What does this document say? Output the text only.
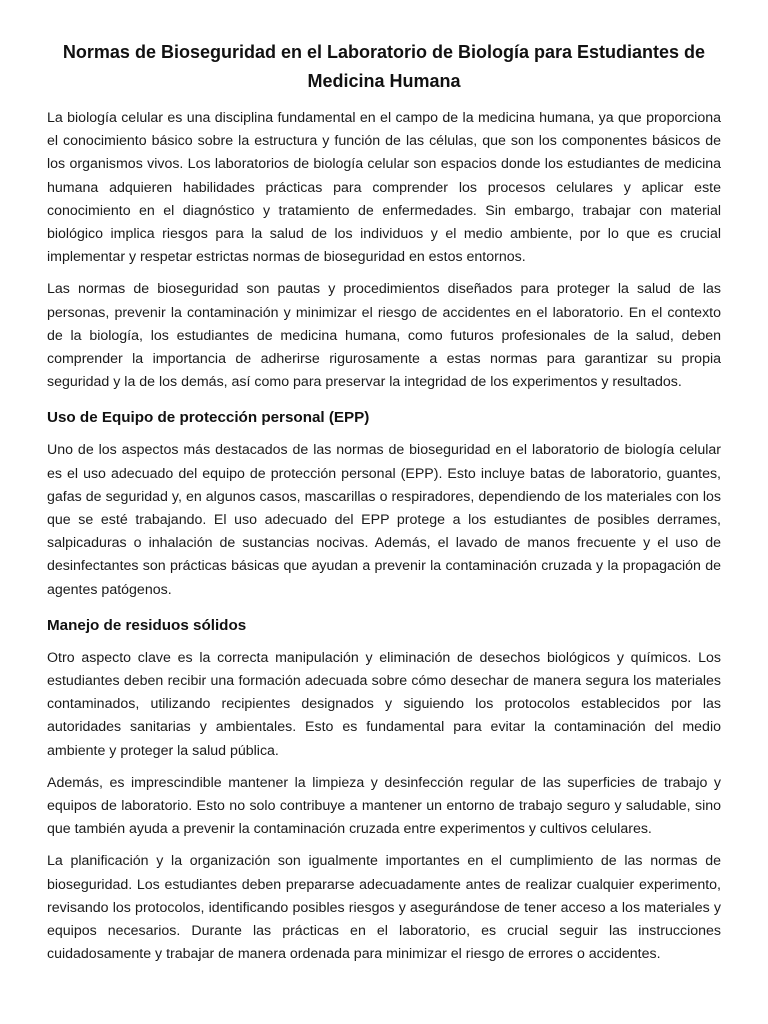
Normas de Bioseguridad en el Laboratorio de Biología para Estudiantes de Medicina Humana

La biología celular es una disciplina fundamental en el campo de la medicina humana, ya que proporciona el conocimiento básico sobre la estructura y función de las células, que son los componentes básicos de los organismos vivos. Los laboratorios de biología celular son espacios donde los estudiantes de medicina humana adquieren habilidades prácticas para comprender los procesos celulares y aplicar este conocimiento en el diagnóstico y tratamiento de enfermedades. Sin embargo, trabajar con material biológico implica riesgos para la salud de los individuos y el medio ambiente, por lo que es crucial implementar y respetar estrictas normas de bioseguridad en estos entornos.

Las normas de bioseguridad son pautas y procedimientos diseñados para proteger la salud de las personas, prevenir la contaminación y minimizar el riesgo de accidentes en el laboratorio. En el contexto de la biología, los estudiantes de medicina humana, como futuros profesionales de la salud, deben comprender la importancia de adherirse rigurosamente a estas normas para garantizar su propia seguridad y la de los demás, así como para preservar la integridad de los experimentos y resultados.

Uso de Equipo de protección personal (EPP)

Uno de los aspectos más destacados de las normas de bioseguridad en el laboratorio de biología celular es el uso adecuado del equipo de protección personal (EPP). Esto incluye batas de laboratorio, guantes, gafas de seguridad y, en algunos casos, mascarillas o respiradores, dependiendo de los materiales con los que se esté trabajando. El uso adecuado del EPP protege a los estudiantes de posibles derrames, salpicaduras o inhalación de sustancias nocivas. Además, el lavado de manos frecuente y el uso de desinfectantes son prácticas básicas que ayudan a prevenir la contaminación cruzada y la propagación de agentes patógenos.

Manejo de residuos sólidos

Otro aspecto clave es la correcta manipulación y eliminación de desechos biológicos y químicos. Los estudiantes deben recibir una formación adecuada sobre cómo desechar de manera segura los materiales contaminados, utilizando recipientes designados y siguiendo los protocolos establecidos por las autoridades sanitarias y ambientales. Esto es fundamental para evitar la contaminación del medio ambiente y proteger la salud pública.

Además, es imprescindible mantener la limpieza y desinfección regular de las superficies de trabajo y equipos de laboratorio. Esto no solo contribuye a mantener un entorno de trabajo seguro y saludable, sino que también ayuda a prevenir la contaminación cruzada entre experimentos y cultivos celulares.

La planificación y la organización son igualmente importantes en el cumplimiento de las normas de bioseguridad. Los estudiantes deben prepararse adecuadamente antes de realizar cualquier experimento, revisando los protocolos, identificando posibles riesgos y asegurándose de tener acceso a los materiales y equipos necesarios. Durante las prácticas en el laboratorio, es crucial seguir las instrucciones cuidadosamente y trabajar de manera ordenada para minimizar el riesgo de errores o accidentes.
